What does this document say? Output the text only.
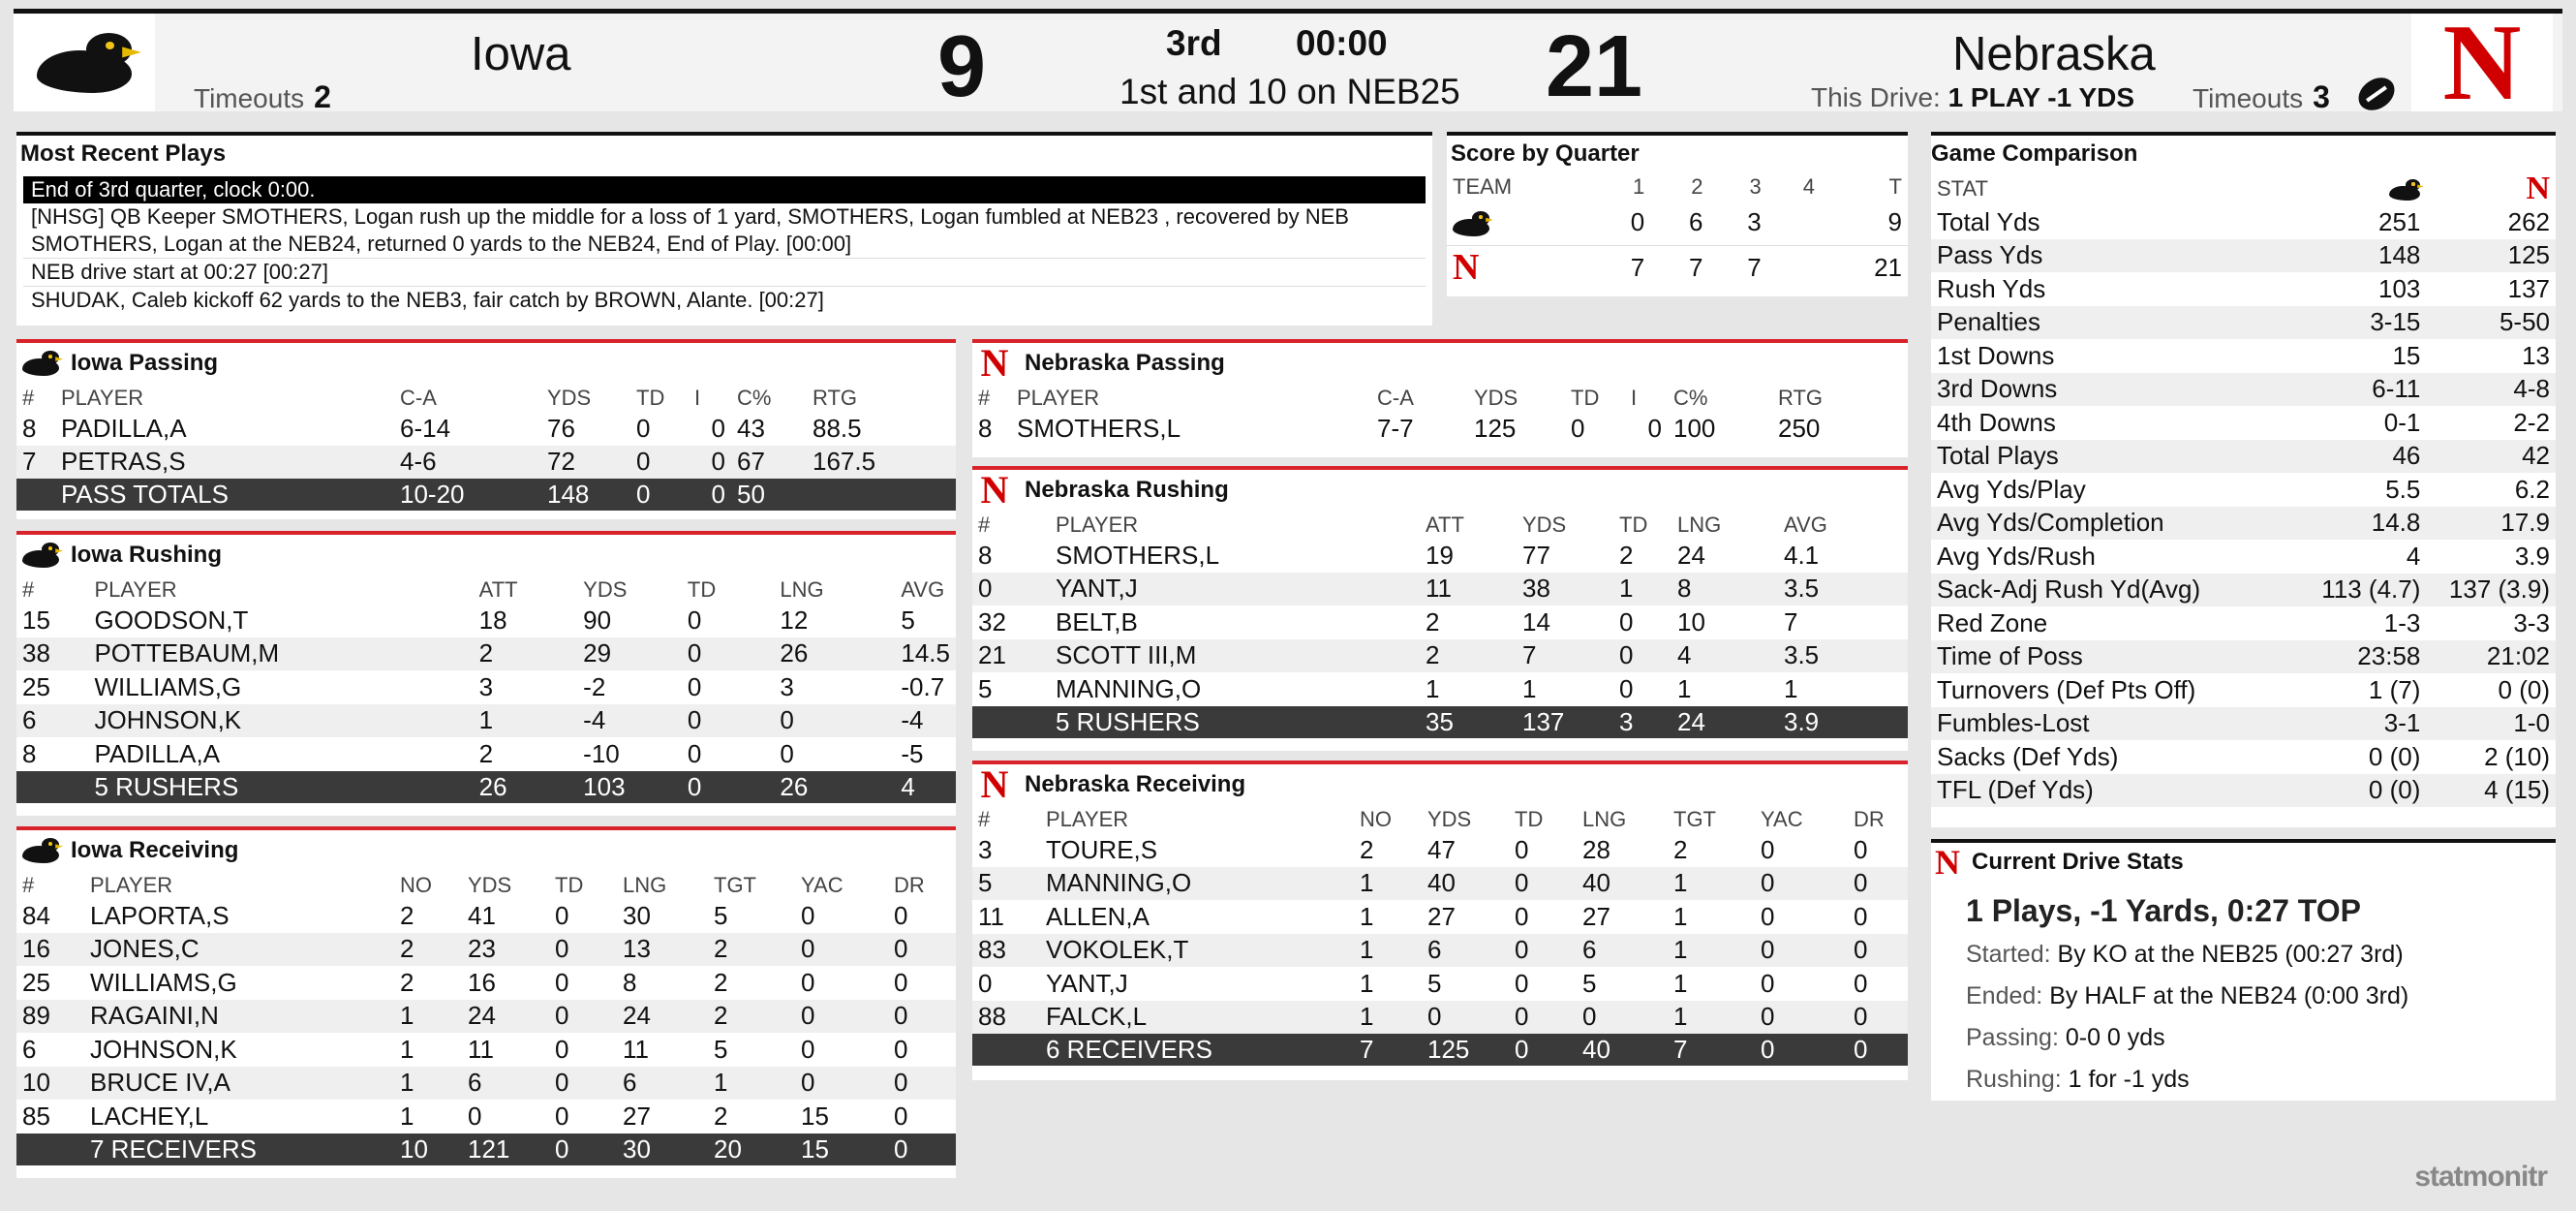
Iowa
Timeouts 2	9	3rd 00:00
1st and 10 on NEB25 21	Nebraska
This Drive: 1 PLAY -1 YDS Timeouts 3 N
Most Recent Plays
End of 3rd quarter, clock 0:00.
[NHSG] QB Keeper SMOTHERS, Logan rush up the middle for a loss of 1 yard, SMOTHERS, Logan fumbled at NEB23 , recovered by NEB SMOTHERS, Logan at the NEB24, returned 0 yards to the NEB24, End of Play. [00:00]
NEB drive start at 00:27 [00:27]
SHUDAK, Caleb kickoff 62 yards to the NEB3, fair catch by BROWN, Alante. [00:27]
Score by Quarter
TEAM	1	2	3	4	T

	0	6	3		9
N	7	7	7		21
Iowa Passing
#	PLAYER	C-A	YDS	TD	I	C%	RTG
8	PADILLA,A	6-14	76	0	0	43	88.5
7	PETRAS,S	4-6	72	0	0	67	167.5
	PASS TOTALS	10-20	148	0	0	50	
Iowa Rushing
#	PLAYER	ATT	YDS	TD	LNG	AVG
15	GOODSON,T	18	90	0	12	5
38	POTTEBAUM,M	2	29	0	26	14.5
25	WILLIAMS,G	3	-2	0	3	-0.7
6	JOHNSON,K	1	-4	0	0	-4
8	PADILLA,A	2	-10	0	0	-5
	5 RUSHERS	26	103	0	26	4
Iowa Receiving
#	PLAYER	NO	YDS	TD	LNG	TGT	YAC	DR
84	LAPORTA,S	2	41	0	30	5	0	0
16	JONES,C	2	23	0	13	2	0	0
25	WILLIAMS,G	2	16	0	8	2	0	0
89	RAGAINI,N	1	24	0	24	2	0	0
6	JOHNSON,K	1	11	0	11	5	0	0
10	BRUCE IV,A	1	6	0	6	1	0	0
85	LACHEY,L	1	0	0	27	2	15	0
	7 RECEIVERS	10	121	0	30	20	15	0
N Nebraska Passing
#	PLAYER	C-A	YDS	TD	I	C%	RTG
8	SMOTHERS,L	7-7	125	0	0	100	250
N Nebraska Rushing
#	PLAYER	ATT	YDS	TD	LNG	AVG
8	SMOTHERS,L	19	77	2	24	4.1
0	YANT,J	11	38	1	8	3.5
32	BELT,B	2	14	0	10	7
21	SCOTT III,M	2	7	0	4	3.5
5	MANNING,O	1	1	0	1	1
	5 RUSHERS	35	137	3	24	3.9
N Nebraska Receiving
#	PLAYER	NO	YDS	TD	LNG	TGT	YAC	DR
3	TOURE,S	2	47	0	28	2	0	0
5	MANNING,O	1	40	0	40	1	0	0
11	ALLEN,A	1	27	0	27	1	0	0
83	VOKOLEK,T	1	6	0	6	1	0	0
0	YANT,J	1	5	0	5	1	0	0
88	FALCK,L	1	0	0	0	1	0	0
	6 RECEIVERS	7	125	0	40	7	0	0
Game Comparison
STAT		N
Total Yds	251	262
Pass Yds	148	125
Rush Yds	103	137
Penalties	3-15	5-50
1st Downs	15	13
3rd Downs	6-11	4-8
4th Downs	0-1	2-2
Total Plays	46	42
Avg Yds/Play	5.5	6.2
Avg Yds/Completion	14.8	17.9
Avg Yds/Rush	4	3.9
Sack-Adj Rush Yd(Avg)	113 (4.7)	137 (3.9)
Red Zone	1-3	3-3
Time of Poss	23:58	21:02
Turnovers (Def Pts Off)	1 (7)	0 (0)
Fumbles-Lost	3-1	1-0
Sacks (Def Yds)	0 (0)	2 (10)
TFL (Def Yds)	0 (0)	4 (15)
N Current Drive Stats
1 Plays, -1 Yards, 0:27 TOP
Started: By KO at the NEB25 (00:27 3rd)
Ended: By HALF at the NEB24 (0:00 3rd)
Passing: 0-0 0 yds
Rushing: 1 for -1 yds
statmonitr
